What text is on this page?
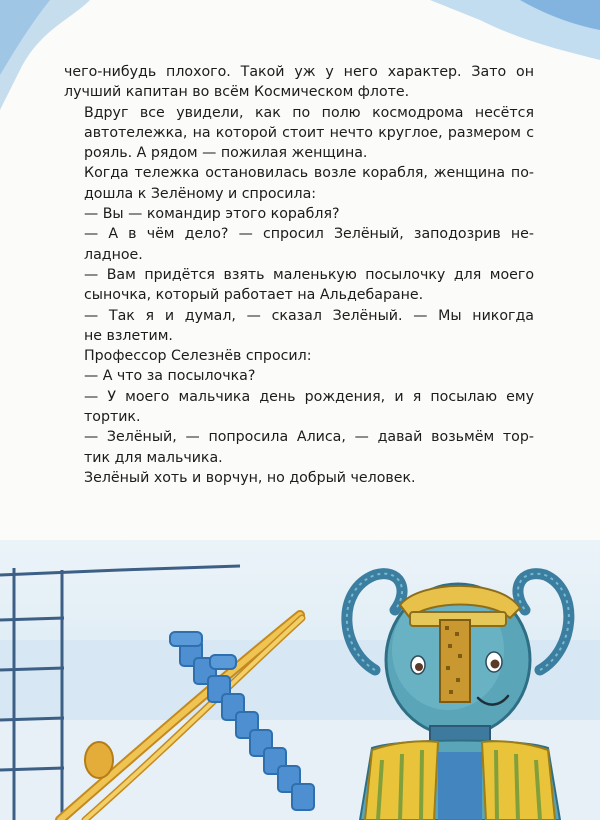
чего-нибудь плохого. Такой уж у него характер. Зато он
лучший капитан во всём Космическом флоте.
Вдруг все увидели, как по полю космодрома несётся
автотележка, на которой стоит нечто круглое, размером с
рояль. А рядом — пожилая женщина.
Когда тележка остановилась возле корабля, женщина по-
дошла к Зелёному и спросила:
— Вы — командир этого корабля?
— А в чём дело? — спросил Зелёный, заподозрив не-
ладное.
— Вам придётся взять маленькую посылочку для моего
сыночка, который работает на Альдебаране.
— Так я и думал, — сказал Зелёный. — Мы никогда
не взлетим.
Профессор Селезнёв спросил:
— А что за посылочка?
— У моего мальчика день рождения, и я посылаю ему
тортик.
— Зелёный, — попросила Алиса, — давай возьмём тор-
тик для мальчика.
Зелёный хоть и ворчун, но добрый человек.
